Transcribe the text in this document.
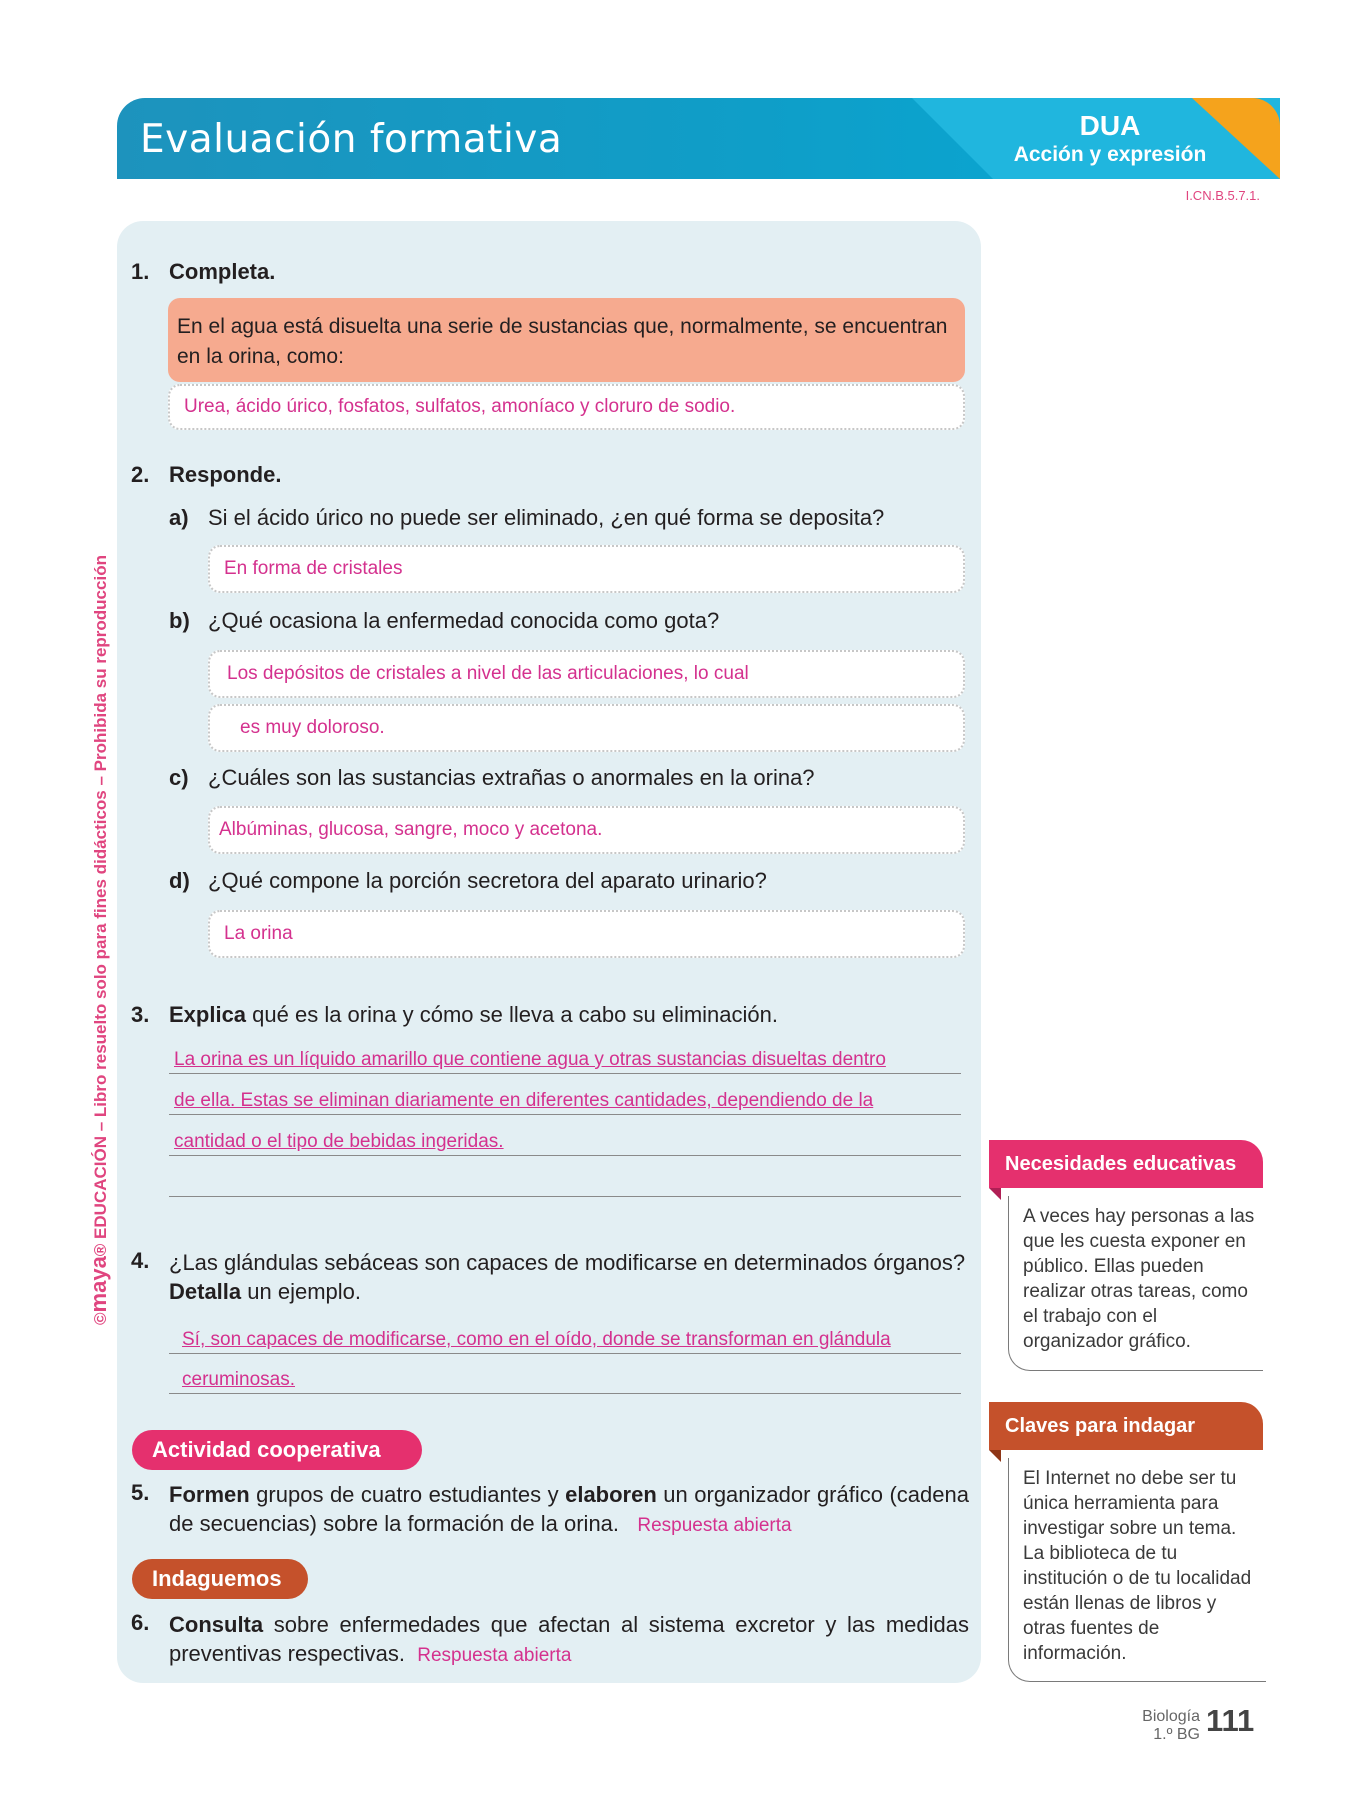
Evaluación formativa	DUA
Acción y expresión
I.CN.B.5.7.1.
©maya® EDUCACIÓN – Libro resuelto solo para fines didácticos – Prohibida su reproducción
1. Completa.
En el agua está disuelta una serie de sustancias que, normalmente, se encuentran en la orina, como:
Urea, ácido úrico, fosfatos, sulfatos, amoníaco y cloruro de sodio.
2. Responde.
a) Si el ácido úrico no puede ser eliminado, ¿en qué forma se deposita?
En forma de cristales
b) ¿Qué ocasiona la enfermedad conocida como gota?
Los depósitos de cristales a nivel de las articulaciones, lo cual
es muy doloroso.
c) ¿Cuáles son las sustancias extrañas o anormales en la orina?
Albúminas, glucosa, sangre, moco y acetona.
d) ¿Qué compone la porción secretora del aparato urinario?
La orina
3. Explica qué es la orina y cómo se lleva a cabo su eliminación.
La orina es un líquido amarillo que contiene agua y otras sustancias disueltas dentro
de ella. Estas se eliminan diariamente en diferentes cantidades, dependiendo de la
cantidad o el tipo de bebidas ingeridas.
4. ¿Las glándulas sebáceas son capaces de modificarse en determinados órganos?
Detalla un ejemplo.
Sí, son capaces de modificarse, como en el oído, donde se transforman en glándula
ceruminosas.
Actividad cooperativa
5. Formen grupos de cuatro estudiantes y elaboren un organizador gráfico (cadena de secuencias) sobre la formación de la orina. Respuesta abierta
Indaguemos
6. Consulta sobre enfermedades que afectan al sistema excretor y las medidas preventivas respectivas. Respuesta abierta
Necesidades educativas
A veces hay personas a las que les cuesta exponer en público. Ellas pueden realizar otras tareas, como el trabajo con el organizador gráfico.
Claves para indagar
El Internet no debe ser tu única herramienta para investigar sobre un tema. La biblioteca de tu institución o de tu localidad están llenas de libros y otras fuentes de información.
Biología
1.º BG 111
